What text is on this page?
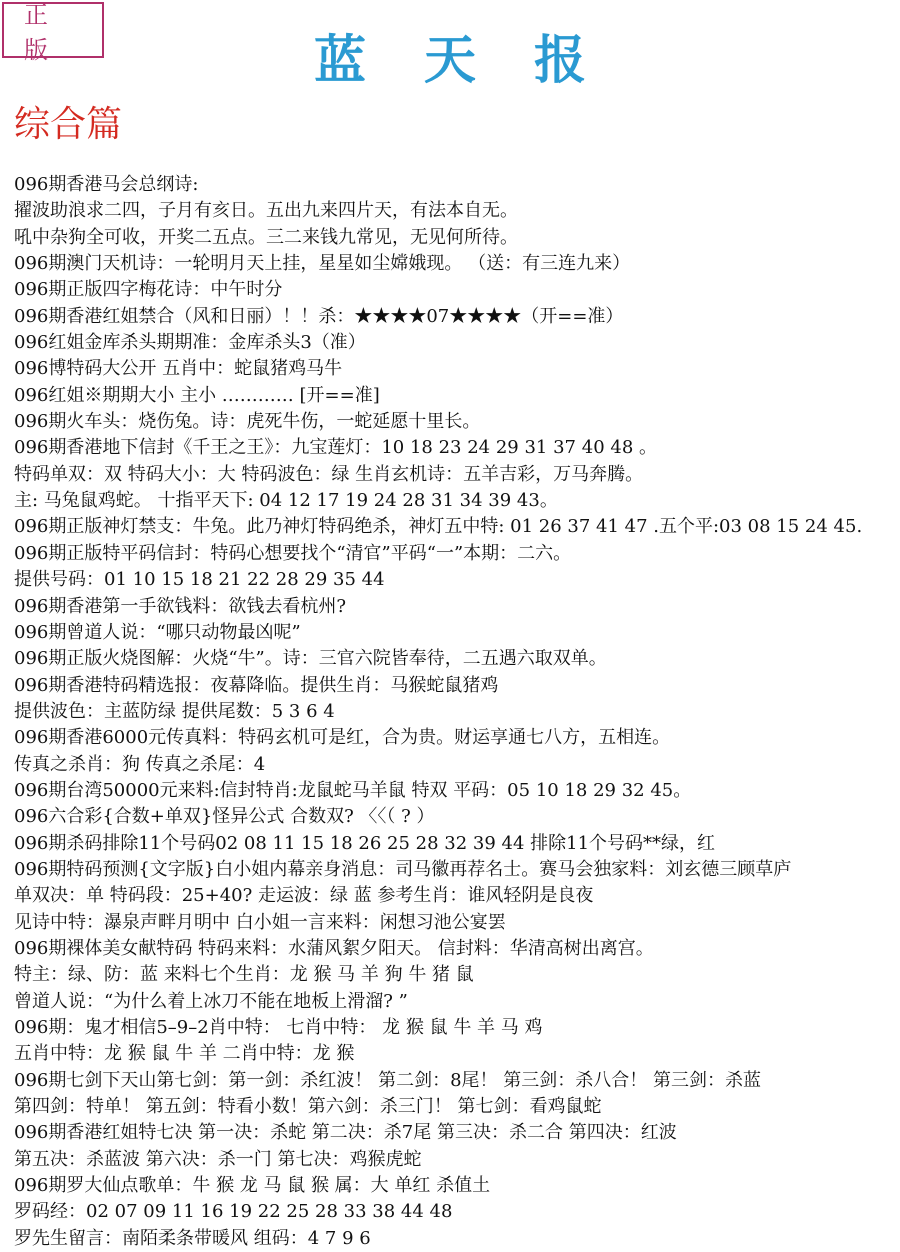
正 版	蓝天报
综合篇
096期香港马会总纲诗:
擢波助浪求二四，子月有亥日。五出九来四片天，有法本自无。
吼中杂狗全可收，开奖二五点。三二来钱九常见，无见何所待。
096期澳门天机诗：一轮明月天上挂，星星如尘嫦娥现。 （送：有三连九来）
096期正版四字梅花诗：中午时分
096期香港红姐禁合（风和日丽）！！杀：★★★★07★★★★（开==准）
096红姐金库杀头期期准：金库杀头3（准）
096博特码大公开 五肖中：蛇鼠猪鸡马牛
096红姐※期期大小 主小 ………… [开==准]
096期火车头：烧伤兔。诗：虎死牛伤，一蛇延愿十里长。
096期香港地下信封《千王之王》：九宝莲灯：10 18 23 24 29 31 37 40 48 。
特码单双：双 特码大小：大 特码波色：绿 生肖玄机诗：五羊吉彩，万马奔腾。
主: 马兔鼠鸡蛇。 十指平天下: 04 12 17 19 24 28 31 34 39 43。
096期正版神灯禁支：牛兔。此乃神灯特码绝杀，神灯五中特: 01 26 37 41 47 .五个平:03 08 15 24 45.
096期正版特平码信封：特码心想要找个“清官”平码“一”本期：二六。
提供号码：01 10 15 18 21 22 28 29 35 44
096期香港第一手欲钱料：欲钱去看杭州?
096期曾道人说：“哪只动物最凶呢”
096期正版火烧图解：火烧“牛”。诗：三官六院皆奉待，二五遇六取双单。
096期香港特码精选报：夜幕降临。提供生肖：马猴蛇鼠猪鸡
提供波色：主蓝防绿 提供尾数：5 3 6 4
096期香港6000元传真料：特码玄机可是红，合为贵。财运享通七八方，五相连。
传真之杀肖：狗 传真之杀尾：4
096期台湾50000元来料:信封特肖:龙鼠蛇马羊鼠 特双 平码：05 10 18 29 32 45。
096六合彩{合数+单双}怪异公式 合数双? 〈〈（ ? ）
096期杀码排除11个号码02 08 11 15 18 26 25 28 32 39 44 排除11个号码**绿，红
096期特码预测{文字版}白小姐内幕亲身消息：司马徽再荐名士。赛马会独家料：刘玄德三顾草庐
单双决：单 特码段：25+40? 走运波：绿 蓝 参考生肖：谁风轻阴是良夜
见诗中特：瀑泉声畔月明中 白小姐一言来料：闲想习池公宴罢
096期裸体美女献特码 特码来料：水蒲风絮夕阳天。 信封料：华清高树出离宫。
特主：绿、防：蓝 来料七个生肖：龙 猴 马 羊 狗 牛 猪 鼠
曾道人说：“为什么着上冰刀不能在地板上滑溜? ”
096期：鬼才相信5–9–2肖中特： 七肖中特： 龙 猴 鼠 牛 羊 马 鸡
五肖中特：龙 猴 鼠 牛 羊 二肖中特：龙 猴
096期七剑下天山第七剑：第一剑：杀红波！ 第二剑：8尾！ 第三剑：杀八合！ 第三剑：杀蓝
第四剑：特单！ 第五剑：特看小数！第六剑：杀三门！ 第七剑：看鸡鼠蛇
096期香港红姐特七决 第一决：杀蛇 第二决：杀7尾 第三决：杀二合 第四决：红波
第五决：杀蓝波 第六决：杀一门 第七决：鸡猴虎蛇
096期罗大仙点歌单：牛 猴 龙 马 鼠 猴 属：大 单红 杀值土
罗码经：02 07 09 11 16 19 22 25 28 33 38 44 48
罗先生留言：南陌柔条带暖风 组码：4 7 9 6
